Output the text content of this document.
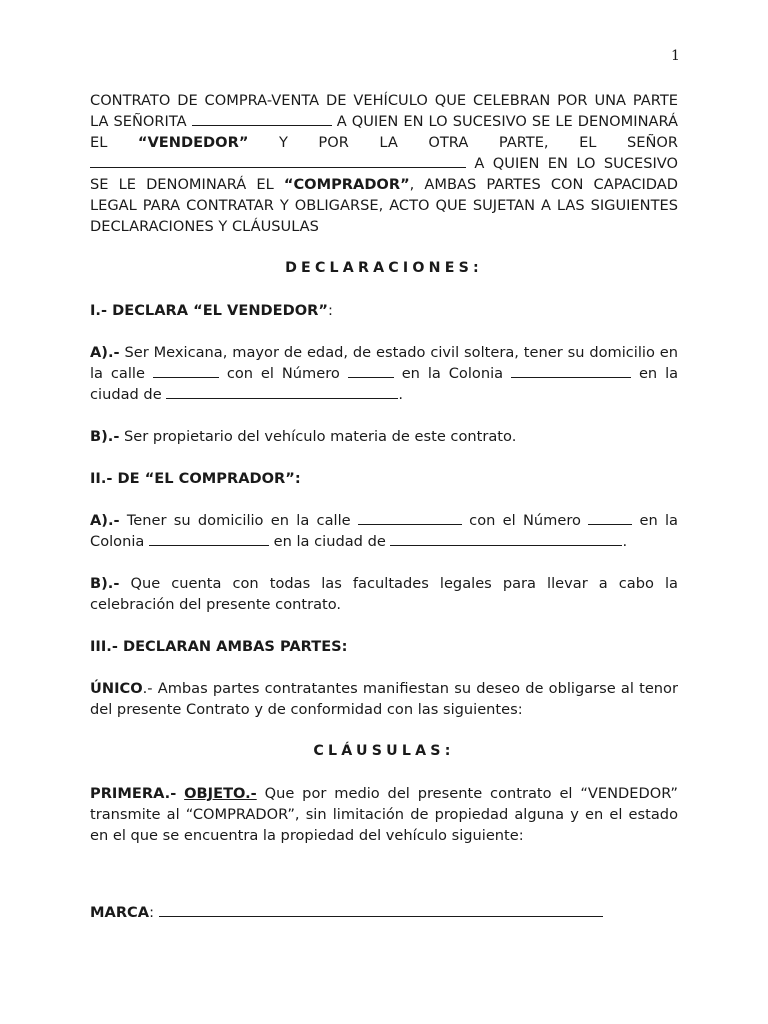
1

CONTRATO DE COMPRA-VENTA DE VEHÍCULO QUE CELEBRAN POR UNA PARTE LA SEÑORITA	A QUIEN EN LO SUCESIVO SE LE DENOMINARÁ EL “VENDEDOR” Y POR LA OTRA PARTE, EL SEÑOR  A QUIEN EN LO SUCESIVO SE LE DENOMINARÁ EL “COMPRADOR”, AMBAS PARTES CON CAPACIDAD LEGAL PARA CONTRATAR Y OBLIGARSE, ACTO QUE SUJETAN A LAS SIGUIENTES DECLARACIONES Y CLÁUSULAS

DECLARACIONES:

I.- DECLARA “EL VENDEDOR”:

A).- Ser Mexicana, mayor de edad, de estado civil soltera, tener su domicilio en la calle	con el Número	en la Colonia	en la ciudad de	.

B).- Ser propietario del vehículo materia de este contrato.

II.- DE “EL COMPRADOR”:

A).- Tener su domicilio en la calle	con el Número	en la Colonia	en la ciudad de	.

B).- Que cuenta con todas las facultades legales para llevar a cabo la celebración del presente contrato.

III.- DECLARAN AMBAS PARTES:

ÚNICO.- Ambas partes contratantes manifiestan su deseo de obligarse al tenor del presente Contrato y de conformidad con las siguientes:

CLÁUSULAS:

PRIMERA.- OBJETO.- Que por medio del presente contrato el “VENDEDOR” transmite al “COMPRADOR”, sin limitación de propiedad alguna y en el estado en el que se encuentra la propiedad del vehículo siguiente:

MARCA:
